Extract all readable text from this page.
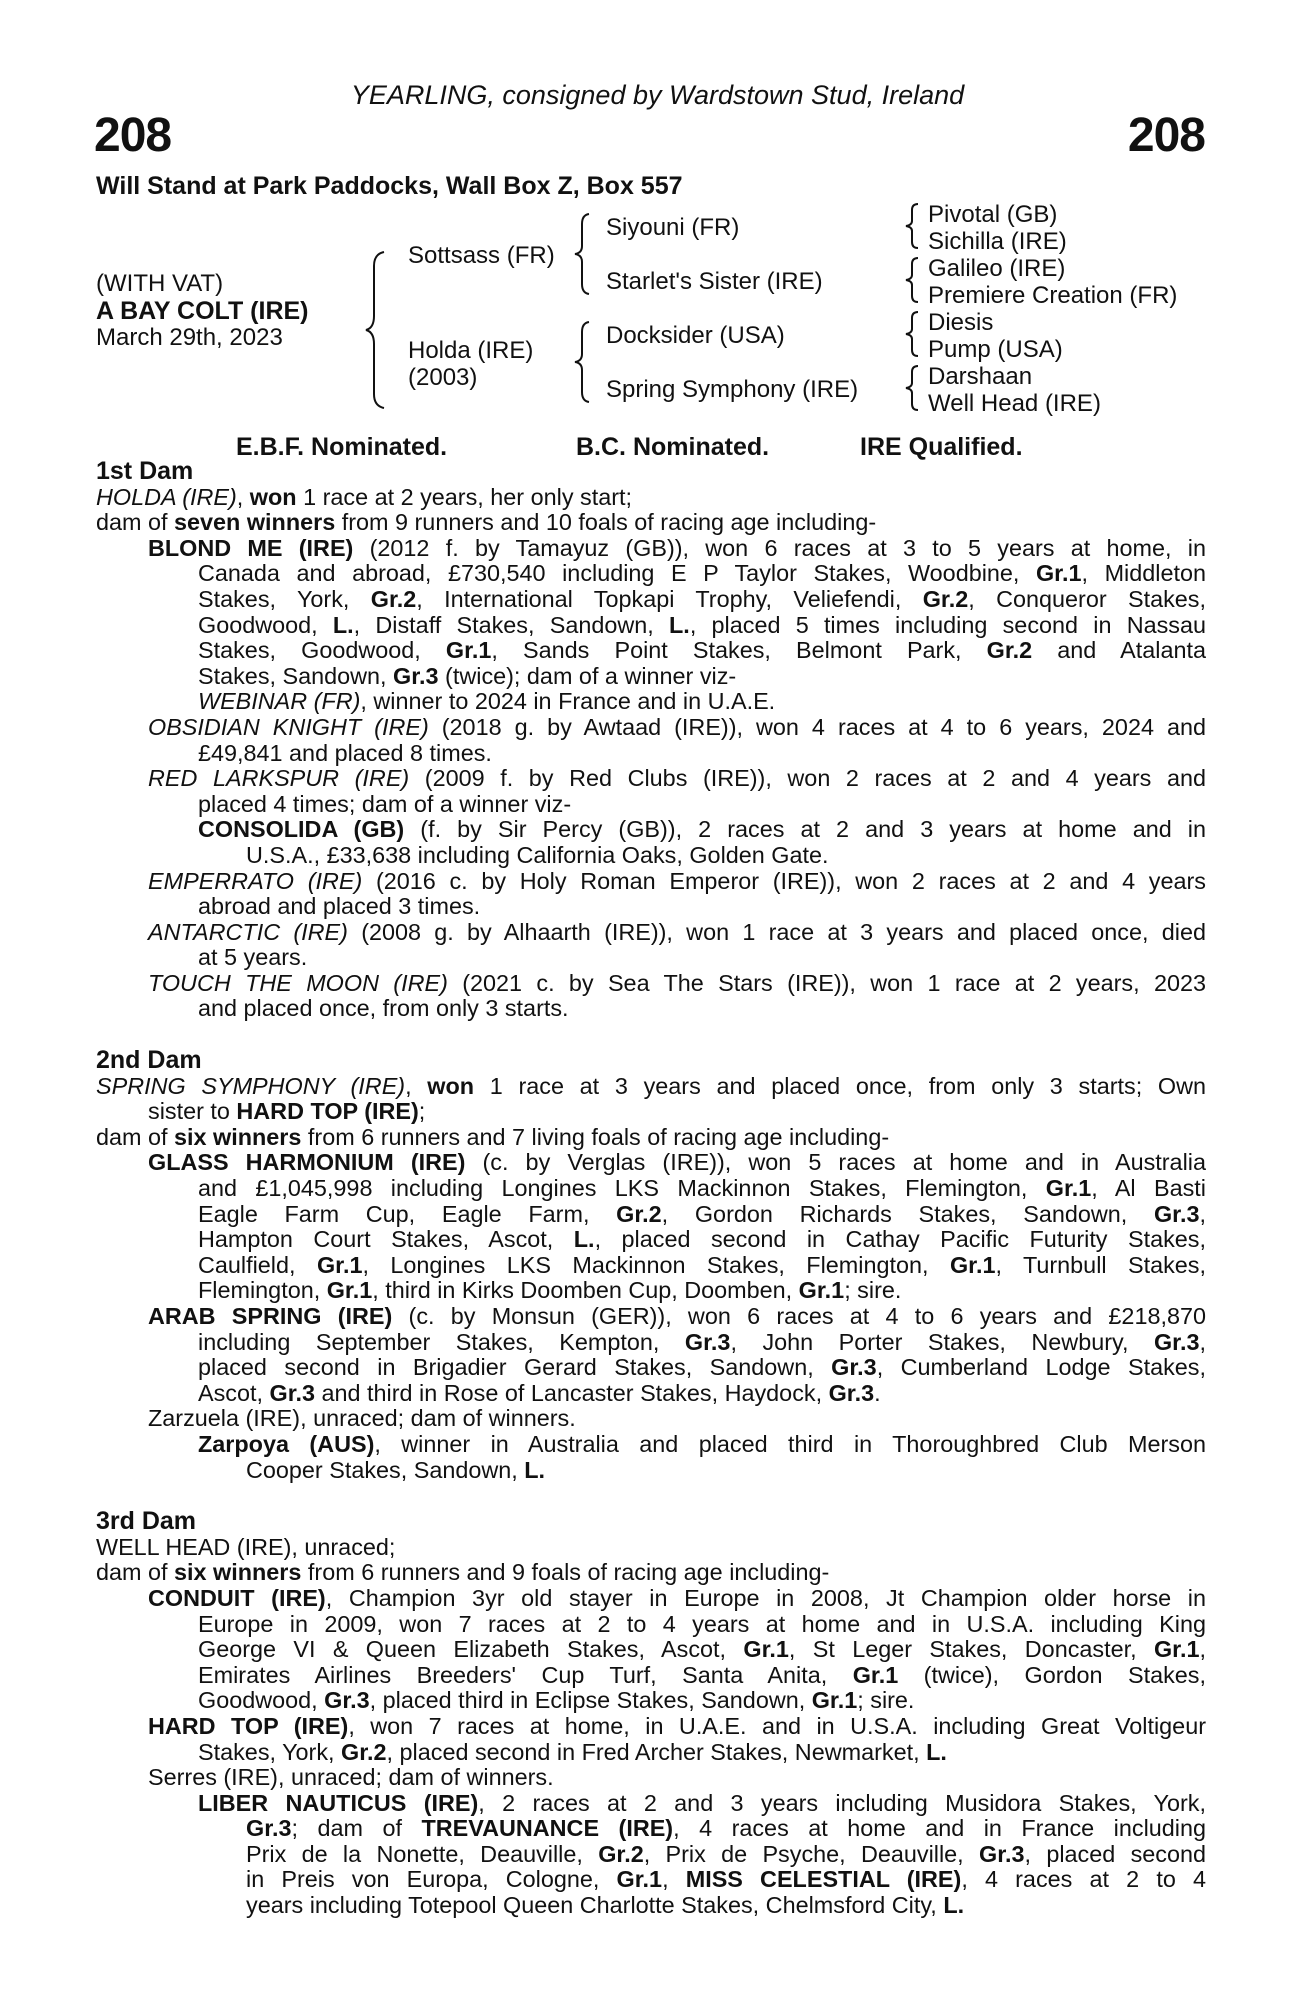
YEARLING, consigned by Wardstown Stud, Ireland
208	208
Will Stand at Park Paddocks, Wall Box Z, Box 557
(WITH VAT)
A BAY COLT (IRE)
March 29th, 2023
Sottsass (FR)
Holda (IRE)
(2003)
Siyouni (FR)
Starlet's Sister (IRE)
Docksider (USA)
Spring Symphony (IRE)
Pivotal (GB)
Sichilla (IRE)
Galileo (IRE)
Premiere Creation (FR)
Diesis
Pump (USA)
Darshaan
Well Head (IRE)
E.B.F. Nominated.	B.C. Nominated.	IRE Qualified.
1st Dam
HOLDA (IRE), won 1 race at 2 years, her only start;
dam of seven winners from 9 runners and 10 foals of racing age including-
BLOND ME (IRE) (2012 f. by Tamayuz (GB)), won 6 races at 3 to 5 years at home, in
Canada and abroad, £730,540 including E P Taylor Stakes, Woodbine, Gr.1, Middleton
Stakes, York, Gr.2, International Topkapi Trophy, Veliefendi, Gr.2, Conqueror Stakes,
Goodwood, L., Distaff Stakes, Sandown, L., placed 5 times including second in Nassau
Stakes, Goodwood, Gr.1, Sands Point Stakes, Belmont Park, Gr.2 and Atalanta
Stakes, Sandown, Gr.3 (twice); dam of a winner viz-
WEBINAR (FR), winner to 2024 in France and in U.A.E.
OBSIDIAN KNIGHT (IRE) (2018 g. by Awtaad (IRE)), won 4 races at 4 to 6 years, 2024 and
£49,841 and placed 8 times.
RED LARKSPUR (IRE) (2009 f. by Red Clubs (IRE)), won 2 races at 2 and 4 years and
placed 4 times; dam of a winner viz-
CONSOLIDA (GB) (f. by Sir Percy (GB)), 2 races at 2 and 3 years at home and in
U.S.A., £33,638 including California Oaks, Golden Gate.
EMPERRATO (IRE) (2016 c. by Holy Roman Emperor (IRE)), won 2 races at 2 and 4 years
abroad and placed 3 times.
ANTARCTIC (IRE) (2008 g. by Alhaarth (IRE)), won 1 race at 3 years and placed once, died
at 5 years.
TOUCH THE MOON (IRE) (2021 c. by Sea The Stars (IRE)), won 1 race at 2 years, 2023
and placed once, from only 3 starts.
2nd Dam
SPRING SYMPHONY (IRE), won 1 race at 3 years and placed once, from only 3 starts; Own
sister to HARD TOP (IRE);
dam of six winners from 6 runners and 7 living foals of racing age including-
GLASS HARMONIUM (IRE) (c. by Verglas (IRE)), won 5 races at home and in Australia
and £1,045,998 including Longines LKS Mackinnon Stakes, Flemington, Gr.1, Al Basti
Eagle Farm Cup, Eagle Farm, Gr.2, Gordon Richards Stakes, Sandown, Gr.3,
Hampton Court Stakes, Ascot, L., placed second in Cathay Pacific Futurity Stakes,
Caulfield, Gr.1, Longines LKS Mackinnon Stakes, Flemington, Gr.1, Turnbull Stakes,
Flemington, Gr.1, third in Kirks Doomben Cup, Doomben, Gr.1; sire.
ARAB SPRING (IRE) (c. by Monsun (GER)), won 6 races at 4 to 6 years and £218,870
including September Stakes, Kempton, Gr.3, John Porter Stakes, Newbury, Gr.3,
placed second in Brigadier Gerard Stakes, Sandown, Gr.3, Cumberland Lodge Stakes,
Ascot, Gr.3 and third in Rose of Lancaster Stakes, Haydock, Gr.3.
Zarzuela (IRE), unraced; dam of winners.
Zarpoya (AUS), winner in Australia and placed third in Thoroughbred Club Merson
Cooper Stakes, Sandown, L.
3rd Dam
WELL HEAD (IRE), unraced;
dam of six winners from 6 runners and 9 foals of racing age including-
CONDUIT (IRE), Champion 3yr old stayer in Europe in 2008, Jt Champion older horse in
Europe in 2009, won 7 races at 2 to 4 years at home and in U.S.A. including King
George VI & Queen Elizabeth Stakes, Ascot, Gr.1, St Leger Stakes, Doncaster, Gr.1,
Emirates Airlines Breeders' Cup Turf, Santa Anita, Gr.1 (twice), Gordon Stakes,
Goodwood, Gr.3, placed third in Eclipse Stakes, Sandown, Gr.1; sire.
HARD TOP (IRE), won 7 races at home, in U.A.E. and in U.S.A. including Great Voltigeur
Stakes, York, Gr.2, placed second in Fred Archer Stakes, Newmarket, L.
Serres (IRE), unraced; dam of winners.
LIBER NAUTICUS (IRE), 2 races at 2 and 3 years including Musidora Stakes, York,
Gr.3; dam of TREVAUNANCE (IRE), 4 races at home and in France including
Prix de la Nonette, Deauville, Gr.2, Prix de Psyche, Deauville, Gr.3, placed second
in Preis von Europa, Cologne, Gr.1, MISS CELESTIAL (IRE), 4 races at 2 to 4
years including Totepool Queen Charlotte Stakes, Chelmsford City, L.
